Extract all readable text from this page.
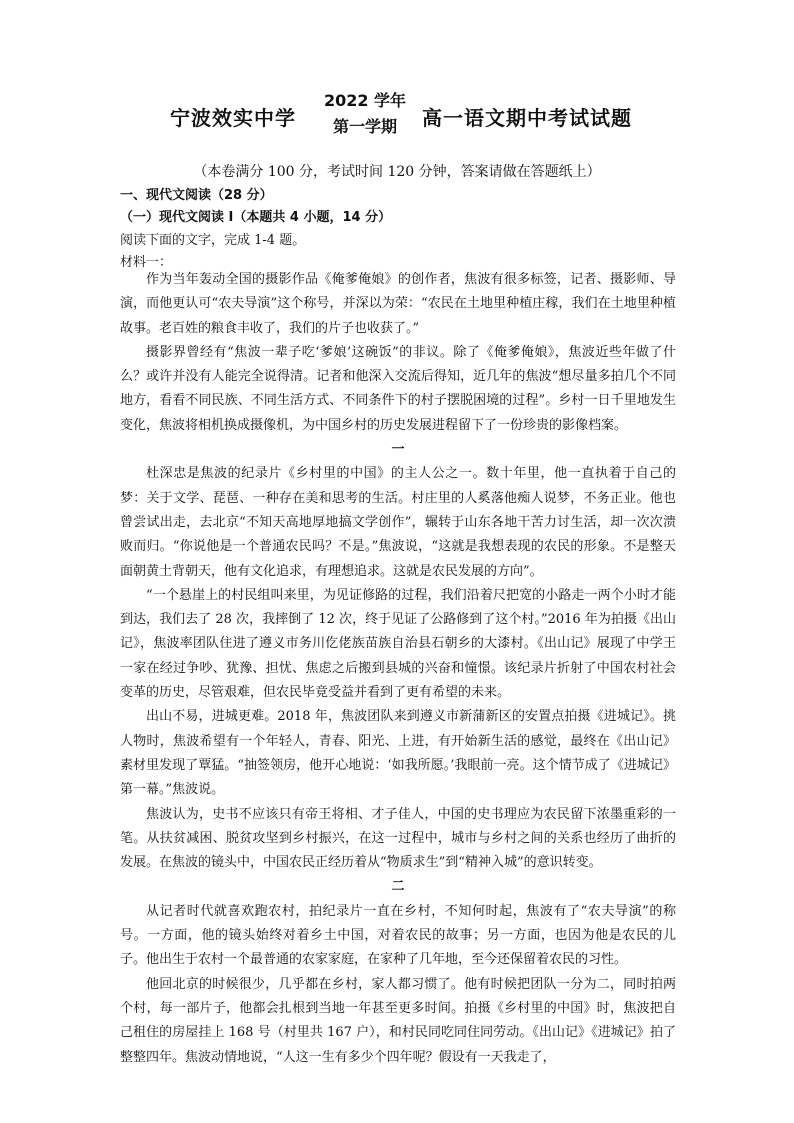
宁波效实中学
2022 学年
第一学期	高一语文期中考试试题
（本卷满分 100 分，考试时间 120 分钟，答案请做在答题纸上）
一、现代文阅读（28 分）
（一）现代文阅读 I（本题共 4 小题，14 分）
阅读下面的文字，完成 1-4 题。
材料一：

作为当年轰动全国的摄影作品《俺爹俺娘》的创作者，焦波有很多标签，记者、摄影师、导演，而他更认可“农夫导演”这个称号，并深以为荣：“农民在土地里种植庄稼，我们在土地里种植故事。老百姓的粮食丰收了，我们的片子也收获了。”

摄影界曾经有“焦波一辈子吃‘爹娘’这碗饭”的非议。除了《俺爹俺娘》，焦波近些年做了什么？或许并没有人能完全说得清。记者和他深入交流后得知，近几年的焦波“想尽量多拍几个不同地方，看看不同民族、不同生活方式、不同条件下的村子摆脱困境的过程”。乡村一日千里地发生变化，焦波将相机换成摄像机，为中国乡村的历史发展进程留下了一份珍贵的影像档案。

一

杜深忠是焦波的纪录片《乡村里的中国》的主人公之一。数十年里，他一直执着于自己的梦：关于文学、琵琶、一种存在美和思考的生活。村庄里的人奚落他痴人说梦，不务正业。他也曾尝试出走，去北京“不知天高地厚地搞文学创作”，辗转于山东各地干苦力讨生活，却一次次溃败而归。“你说他是一个普通农民吗？不是。”焦波说，“这就是我想表现的农民的形象。不是整天面朝黄土背朝天，他有文化追求，有理想追求。这就是农民发展的方向”。

“一个悬崖上的村民组叫来里，为见证修路的过程，我们沿着尺把宽的小路走一两个小时才能到达，我们去了 28 次，我摔倒了 12 次，终于见证了公路修到了这个村。”2016 年为拍摄《出山记》，焦波率团队住进了遵义市务川仡佬族苗族自治县石朝乡的大漆村。《出山记》展现了中学王一家在经过争吵、犹豫、担忧、焦虑之后搬到县城的兴奋和憧憬。该纪录片折射了中国农村社会变革的历史，尽管艰难，但农民毕竟受益并看到了更有希望的未来。

出山不易，进城更难。2018 年，焦波团队来到遵义市新蒲新区的安置点拍摄《进城记》。挑人物时，焦波希望有一个年轻人，青春、阳光、上进，有开始新生活的感觉，最终在《出山记》素材里发现了覃猛。“抽签领房，他开心地说：‘如我所愿。’我眼前一亮。这个情节成了《进城记》第一幕。”焦波说。

焦波认为，史书不应该只有帝王将相、才子佳人，中国的史书理应为农民留下浓墨重彩的一笔。从扶贫减困、脱贫攻坚到乡村振兴，在这一过程中，城市与乡村之间的关系也经历了曲折的发展。在焦波的镜头中，中国农民正经历着从“物质求生”到“精神入城”的意识转变。

二

从记者时代就喜欢跑农村，拍纪录片一直在乡村，不知何时起，焦波有了“农夫导演”的称号。一方面，他的镜头始终对着乡土中国，对着农民的故事；另一方面，也因为他是农民的儿子。他出生于农村一个最普通的农家家庭，在家种了几年地，至今还保留着农民的习性。

他回北京的时候很少，几乎都在乡村，家人都习惯了。他有时候把团队一分为二，同时拍两个村，每一部片子，他都会扎根到当地一年甚至更多时间。拍摄《乡村里的中国》时，焦波把自己租住的房屋挂上 168 号（村里共 167 户），和村民同吃同住同劳动。《出山记》《进城记》拍了整整四年。焦波动情地说，“人这一生有多少个四年呢？假设有一天我走了，
